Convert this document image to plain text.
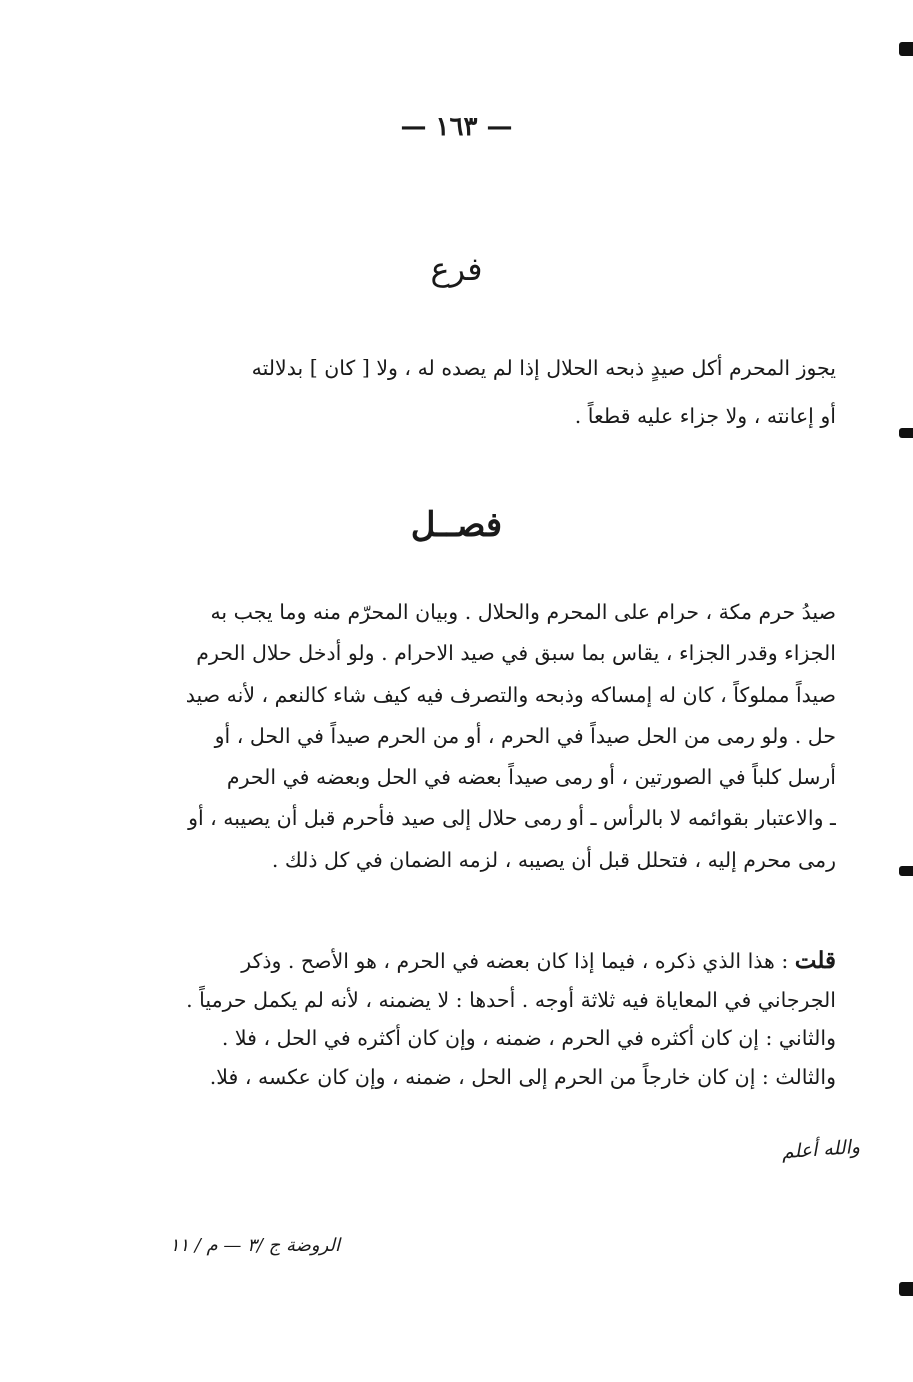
— ١٦٣ —
فرع
يجوز المحرم أكل صيدٍ ذبحه الحلال إذا لم يصده له ، ولا [ كان ] بدلالته
أو إعانته ، ولا جزاء عليه قطعاً .
فصــل
صيدُ حرم مكة ، حرام على المحرم والحلال . وبيان المحرّم منه وما يجب به
الجزاء وقدر الجزاء ، يقاس بما سبق في صيد الاحرام . ولو أدخل حلال الحرم
صيداً مملوكاً ، كان له إمساكه وذبحه والتصرف فيه كيف شاء كالنعم ، لأنه صيد
حل . ولو رمى من الحل صيداً في الحرم ، أو من الحرم صيداً في الحل ، أو
أرسل كلباً في الصورتين ، أو رمى صيداً بعضه في الحل وبعضه في الحرم
ـ والاعتبار بقوائمه لا بالرأس ـ أو رمى حلال إلى صيد فأحرم قبل أن يصيبه ، أو
رمى محرم إليه ، فتحلل قبل أن يصيبه ، لزمه الضمان في كل ذلك .
قلت : هذا الذي ذكره ، فيما إذا كان بعضه في الحرم ، هو الأصح . وذكر
الجرجاني في المعاياة فيه ثلاثة أوجه . أحدها : لا يضمنه ، لأنه لم يكمل حرمياً .
والثاني : إن كان أكثره في الحرم ، ضمنه ، وإن كان أكثره في الحل ، فلا .
والثالث : إن كان خارجاً من الحرم إلى الحل ، ضمنه ، وإن كان عكسه ، فلا.
والله أعلم
الروضة ج /٣ — م / ١١
